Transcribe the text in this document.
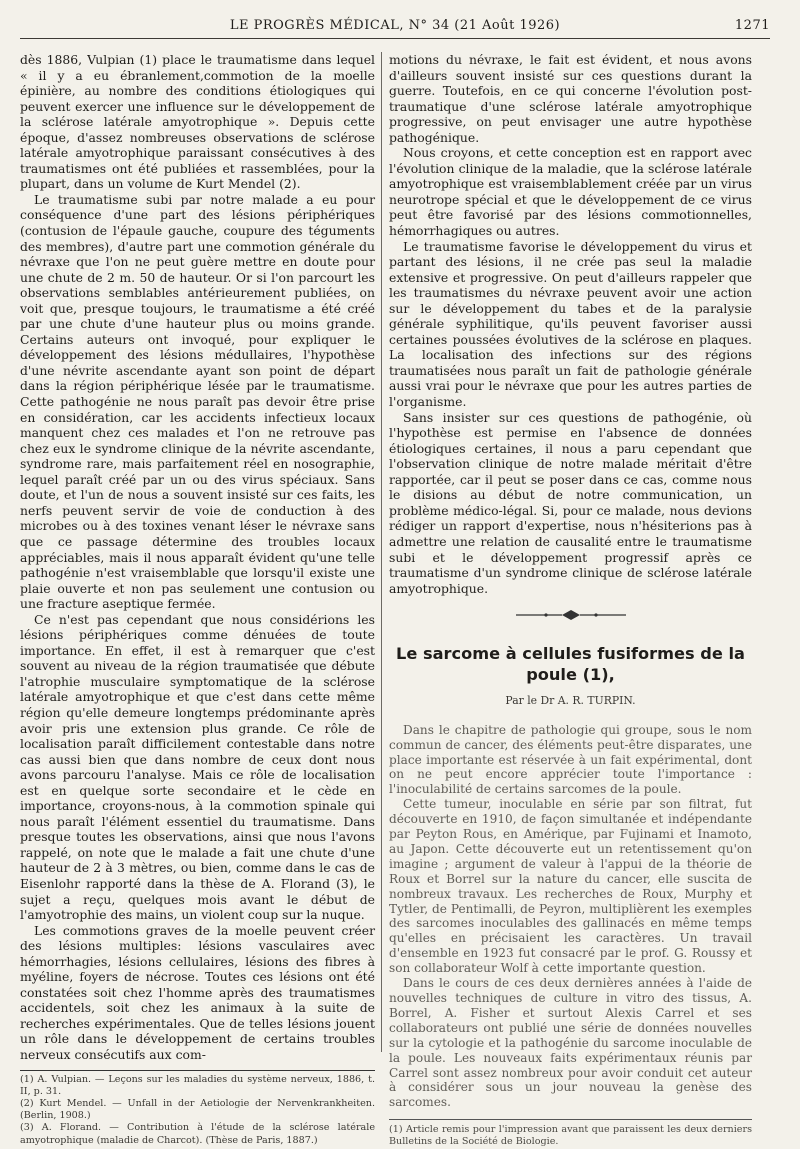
LE PROGRÈS MÉDICAL, N° 34 (21 Août 1926)	1271

dès 1886, Vulpian (1) place le traumatisme dans lequel « il y a eu ébranlement,commotion de la moelle épinière, au nombre des conditions étiologiques qui peuvent exercer une influence sur le développement de la sclérose latérale amyotrophique ». Depuis cette époque, d'assez nombreuses observations de sclérose latérale amyotrophique paraissant consécutives à des traumatismes ont été publiées et rassemblées, pour la plupart, dans un volume de Kurt Mendel (2).

Le traumatisme subi par notre malade a eu pour conséquence d'une part des lésions périphériques (contusion de l'épaule gauche, coupure des téguments des membres), d'autre part une commotion générale du névraxe que l'on ne peut guère mettre en doute pour une chute de 2 m. 50 de hauteur. Or si l'on parcourt les observations semblables antérieurement publiées, on voit que, presque toujours, le traumatisme a été créé par une chute d'une hauteur plus ou moins grande. Certains auteurs ont invoqué, pour expliquer le développement des lésions médullaires, l'hypothèse d'une névrite ascendante ayant son point de départ dans la région périphérique lésée par le traumatisme. Cette pathogénie ne nous paraît pas devoir être prise en considération, car les accidents infectieux locaux manquent chez ces malades et l'on ne retrouve pas chez eux le syndrome clinique de la névrite ascendante, syndrome rare, mais parfaitement réel en nosographie, lequel paraît créé par un ou des virus spéciaux. Sans doute, et l'un de nous a souvent insisté sur ces faits, les nerfs peuvent servir de voie de conduction à des microbes ou à des toxines venant léser le névraxe sans que ce passage détermine des troubles locaux appréciables, mais il nous apparaît évident qu'une telle pathogénie n'est vraisemblable que lorsqu'il existe une plaie ouverte et non pas seulement une contusion ou une fracture aseptique fermée.

Ce n'est pas cependant que nous considérions les lésions périphériques comme dénuées de toute importance. En effet, il est à remarquer que c'est souvent au niveau de la région traumatisée que débute l'atrophie musculaire symptomatique de la sclérose latérale amyotrophique et que c'est dans cette même région qu'elle demeure longtemps prédominante après avoir pris une extension plus grande. Ce rôle de localisation paraît difficilement contestable dans notre cas aussi bien que dans nombre de ceux dont nous avons parcouru l'analyse. Mais ce rôle de localisation est en quelque sorte secondaire et le cède en importance, croyons-nous, à la commotion spinale qui nous paraît l'élément essentiel du traumatisme. Dans presque toutes les observations, ainsi que nous l'avons rappelé, on note que le malade a fait une chute d'une hauteur de 2 à 3 mètres, ou bien, comme dans le cas de Eisenlohr rapporté dans la thèse de A. Florand (3), le sujet a reçu, quelques mois avant le début de l'amyotrophie des mains, un violent coup sur la nuque.

Les commotions graves de la moelle peuvent créer des lésions multiples: lésions vasculaires avec hémorrhagies, lésions cellulaires, lésions des fibres à myéline, foyers de nécrose. Toutes ces lésions ont été constatées soit chez l'homme après des traumatismes accidentels, soit chez les animaux à la suite de recherches expérimentales. Que de telles lésions jouent un rôle dans le développement de certains troubles nerveux consécutifs aux com-

(1) A. Vulpian. — Leçons sur les maladies du système nerveux, 1886, t. II, p. 31.

(2) Kurt Mendel. — Unfall in der Aetiologie der Nervenkrankheiten. (Berlin, 1908.)

(3) A. Florand. — Contribution à l'étude de la sclérose latérale amyotrophique (maladie de Charcot). (Thèse de Paris, 1887.)

motions du névraxe, le fait est évident, et nous avons d'ailleurs souvent insisté sur ces questions durant la guerre. Toutefois, en ce qui concerne l'évolution post-traumatique d'une sclérose latérale amyotrophique progressive, on peut envisager une autre hypothèse pathogénique.

Nous croyons, et cette conception est en rapport avec l'évolution clinique de la maladie, que la sclérose latérale amyotrophique est vraisemblablement créée par un virus neurotrope spécial et que le développement de ce virus peut être favorisé par des lésions commotionnelles, hémorrhagiques ou autres.

Le traumatisme favorise le développement du virus et partant des lésions, il ne crée pas seul la maladie extensive et progressive. On peut d'ailleurs rappeler que les traumatismes du névraxe peuvent avoir une action sur le développement du tabes et de la paralysie générale syphilitique, qu'ils peuvent favoriser aussi certaines poussées évolutives de la sclérose en plaques. La localisation des infections sur des régions traumatisées nous paraît un fait de pathologie générale aussi vrai pour le névraxe que pour les autres parties de l'organisme.

Sans insister sur ces questions de pathogénie, où l'hypothèse est permise en l'absence de données étiologiques certaines, il nous a paru cependant que l'observation clinique de notre malade méritait d'être rapportée, car il peut se poser dans ce cas, comme nous le disions au début de notre communication, un problème médico-légal. Si, pour ce malade, nous devions rédiger un rapport d'expertise, nous n'hésiterions pas à admettre une relation de causalité entre le traumatisme subi et le développement progressif après ce traumatisme d'un syndrome clinique de sclérose latérale amyotrophique.

Le sarcome à cellules fusiformes de la poule (1),

Par le Dr A. R. TURPIN.

Dans le chapitre de pathologie qui groupe, sous le nom commun de cancer, des éléments peut-être disparates, une place importante est réservée à un fait expérimental, dont on ne peut encore apprécier toute l'importance : l'inoculabilité de certains sarcomes de la poule.

Cette tumeur, inoculable en série par son filtrat, fut découverte en 1910, de façon simultanée et indépendante par Peyton Rous, en Amérique, par Fujinami et Inamoto, au Japon. Cette découverte eut un retentissement qu'on imagine ; argument de valeur à l'appui de la théorie de Roux et Borrel sur la nature du cancer, elle suscita de nombreux travaux. Les recherches de Roux, Murphy et Tytler, de Pentimalli, de Peyron, multiplièrent les exemples des sarcomes inoculables des gallinacés en même temps qu'elles en précisaient les caractères. Un travail d'ensemble en 1923 fut consacré par le prof. G. Roussy et son collaborateur Wolf à cette importante question.

Dans le cours de ces deux dernières années à l'aide de nouvelles techniques de culture in vitro des tissus, A. Borrel, A. Fisher et surtout Alexis Carrel et ses collaborateurs ont publié une série de données nouvelles sur la cytologie et la pathogénie du sarcome inoculable de la poule. Les nouveaux faits expérimentaux réunis par Carrel sont assez nombreux pour avoir conduit cet auteur à considérer sous un jour nouveau la genèse des sarcomes.

(1) Article remis pour l'impression avant que paraissent les deux derniers Bulletins de la Société de Biologie.
